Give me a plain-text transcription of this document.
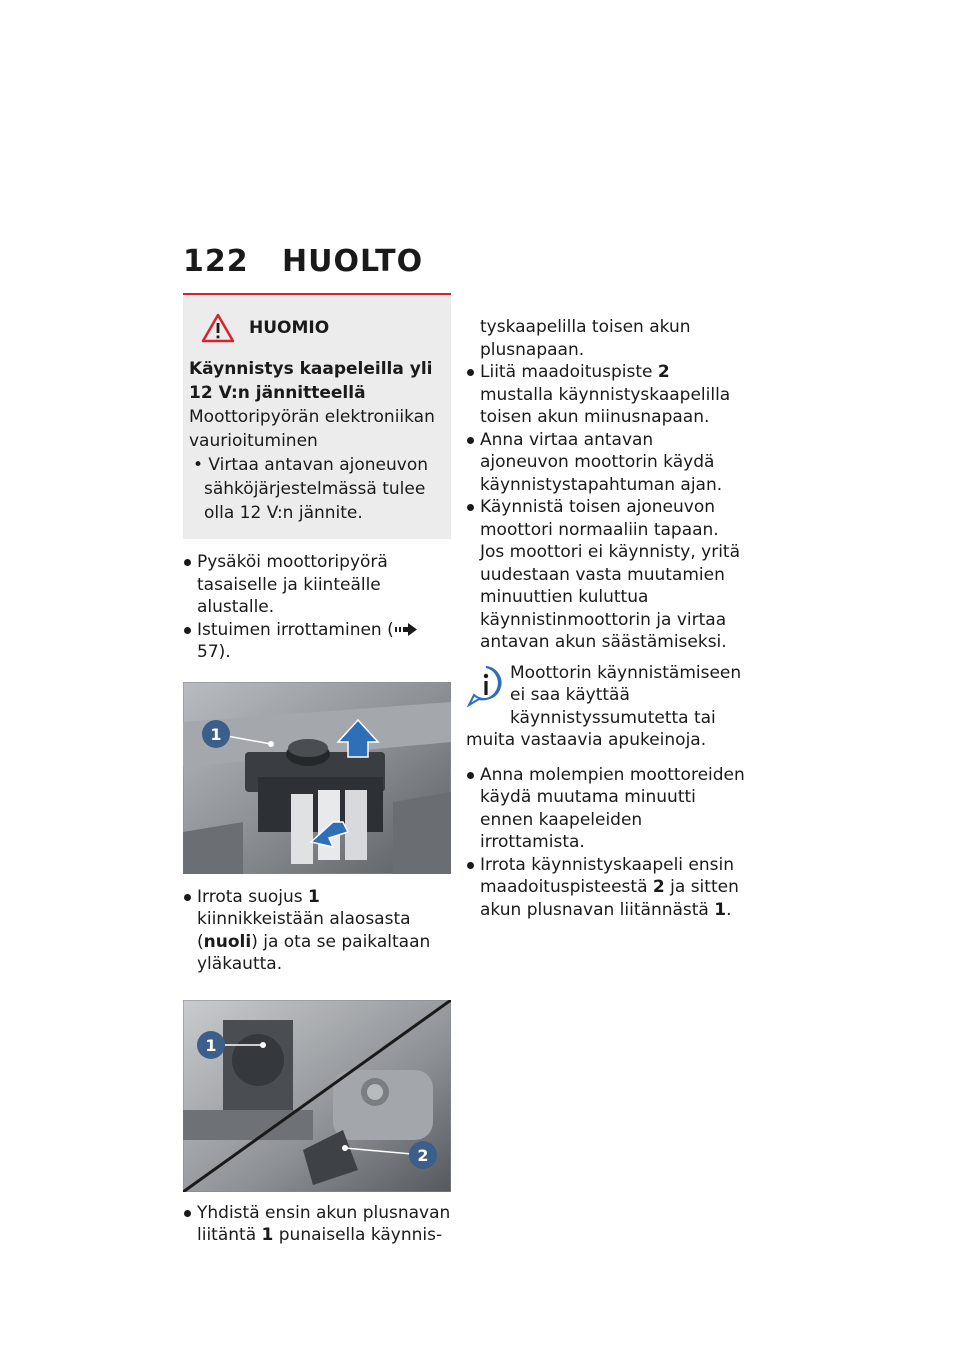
122 HUOLTO
HUOMIO
Käynnistys kaapeleilla yli
12 V:n jännitteellä
Moottoripyörän elektroniikan vaurioituminen
• Virtaa antavan ajoneuvon sähköjärjestelmässä tulee olla 12 V:n jännite.
Pysäköi moottoripyörä tasaiselle ja kiinteälle alustalle.
Istuimen irrottaminen (57).
1
Irrota suojus 1 kiinnikkeistään alaosasta (nuoli) ja ota se paikaltaan yläkautta.
1
2
Yhdistä ensin akun plusnavan liitäntä 1 punaisella käynnis-
tyskaapelilla toisen akun plusnapaan.
Liitä maadoituspiste 2 mustalla käynnistyskaapelilla toisen akun miinusnapaan.
Anna virtaa antavan ajoneuvon moottorin käydä käynnistystapahtuman ajan.
Käynnistä toisen ajoneuvon moottori normaaliin tapaan. Jos moottori ei käynnisty, yritä uudestaan vasta muutamien minuuttien kuluttua käynnistinmoottorin ja virtaa antavan akun säästämiseksi.
Moottorin käynnistämiseen ei saa käyttää käynnistyssumutetta tai muita vastaavia apukeinoja.
Anna molempien moottoreiden käydä muutama minuutti ennen kaapeleiden irrottamista.
Irrota käynnistyskaapeli ensin maadoituspisteestä 2 ja sitten akun plusnavan liitännästä 1.
